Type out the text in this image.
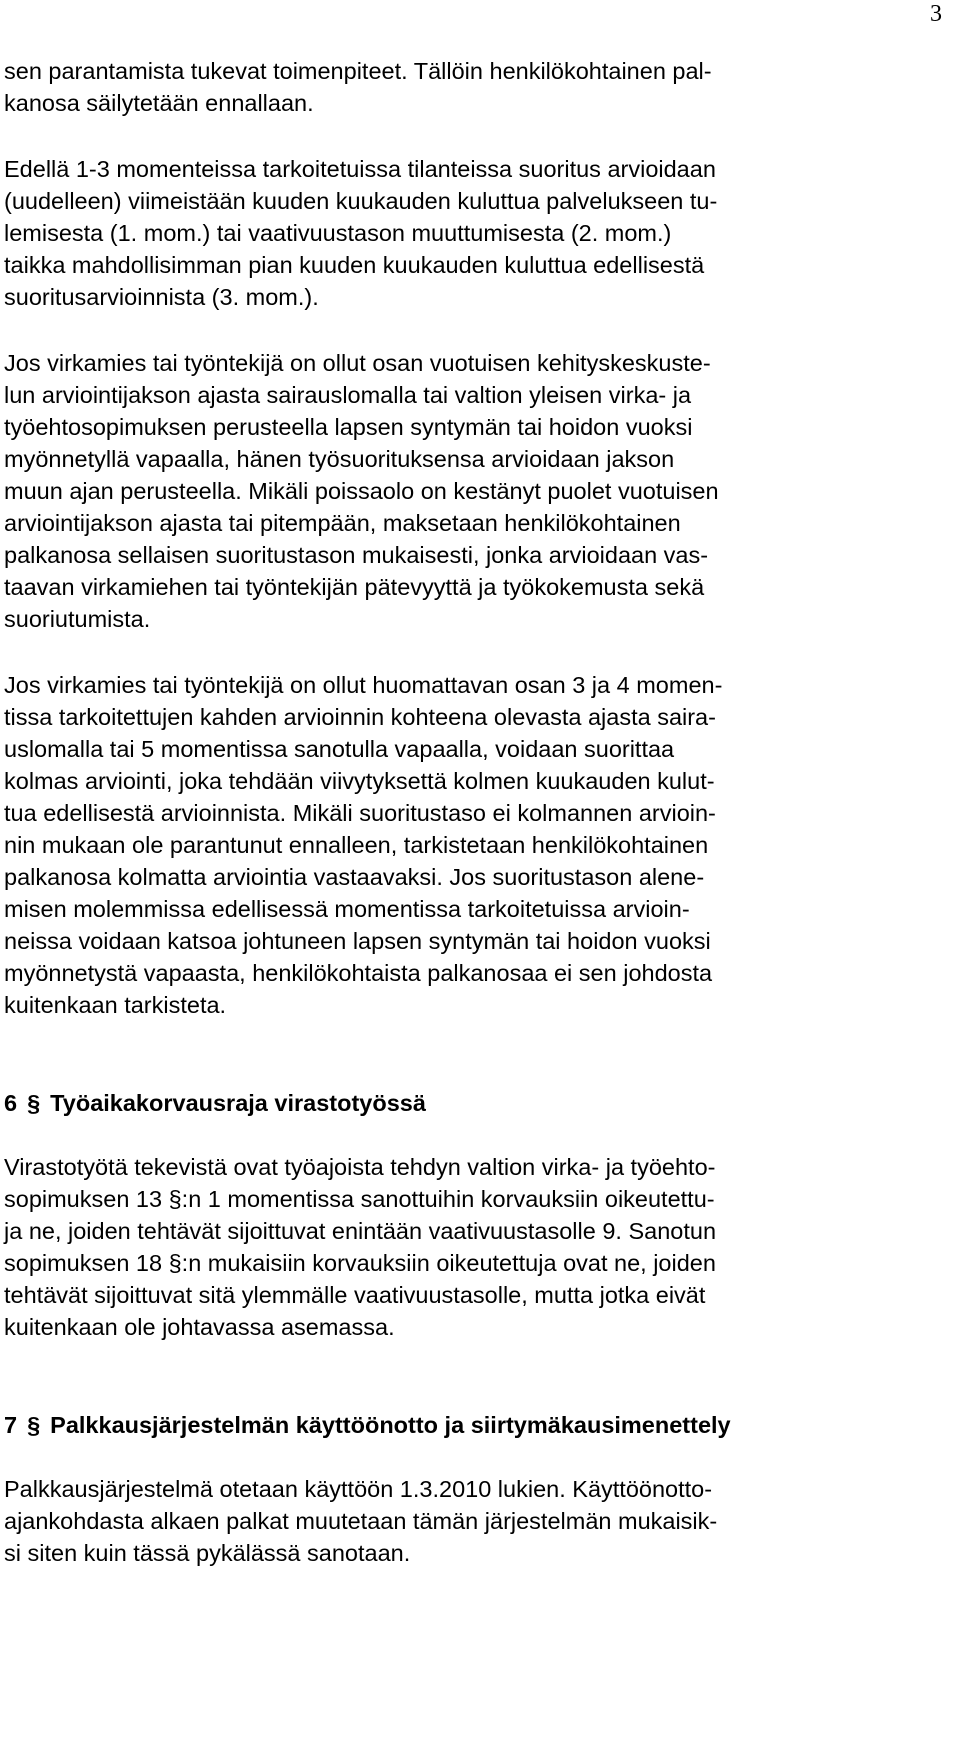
3
sen parantamista tukevat toimenpiteet. Tällöin henkilökohtainen pal-
kanosa säilytetään ennallaan.
Edellä 1-3 momenteissa tarkoitetuissa tilanteissa suoritus arvioidaan
(uudelleen) viimeistään kuuden kuukauden kuluttua palvelukseen tu-
lemisesta (1. mom.) tai vaativuustason muuttumisesta (2. mom.)
taikka mahdollisimman pian kuuden kuukauden kuluttua edellisestä
suoritusarvioinnista (3. mom.).
Jos virkamies tai työntekijä on ollut osan vuotuisen kehityskeskuste-
lun arviointijakson ajasta sairauslomalla tai valtion yleisen virka- ja
työehtosopimuksen perusteella lapsen syntymän tai hoidon vuoksi
myönnetyllä vapaalla, hänen työsuorituksensa arvioidaan jakson
muun ajan perusteella. Mikäli poissaolo on kestänyt puolet vuotuisen
arviointijakson ajasta tai pitempään, maksetaan henkilökohtainen
palkanosa sellaisen suoritustason mukaisesti, jonka arvioidaan vas-
taavan virkamiehen tai työntekijän pätevyyttä ja työkokemusta sekä
suoriutumista.
Jos virkamies tai työntekijä on ollut huomattavan osan 3 ja 4 momen-
tissa tarkoitettujen kahden arvioinnin kohteena olevasta ajasta saira-
uslomalla tai 5 momentissa sanotulla vapaalla, voidaan suorittaa
kolmas arviointi, joka tehdään viivytyksettä kolmen kuukauden kulut-
tua edellisestä arvioinnista. Mikäli suoritustaso ei kolmannen arvioin-
nin mukaan ole parantunut ennalleen, tarkistetaan henkilökohtainen
palkanosa kolmatta arviointia vastaavaksi. Jos suoritustason alene-
misen molemmissa edellisessä momentissa tarkoitetuissa arvioin-
neissa voidaan katsoa johtuneen lapsen syntymän tai hoidon vuoksi
myönnetystä vapaasta, henkilökohtaista palkanosaa ei sen johdosta
kuitenkaan tarkisteta.
6 § Työaikakorvausraja virastotyössä
Virastotyötä tekevistä ovat työajoista tehdyn valtion virka- ja työehto-
sopimuksen 13 §:n 1 momentissa sanottuihin korvauksiin oikeutettu-
ja ne, joiden tehtävät sijoittuvat enintään vaativuustasolle 9. Sanotun
sopimuksen 18 §:n mukaisiin korvauksiin oikeutettuja ovat ne, joiden
tehtävät sijoittuvat sitä ylemmälle vaativuustasolle, mutta jotka eivät
kuitenkaan ole johtavassa asemassa.
7 § Palkkausjärjestelmän käyttöönotto ja siirtymäkausimenettely
Palkkausjärjestelmä otetaan käyttöön 1.3.2010 lukien. Käyttöönotto-
ajankohdasta alkaen palkat muutetaan tämän järjestelmän mukaisik-
si siten kuin tässä pykälässä sanotaan.
